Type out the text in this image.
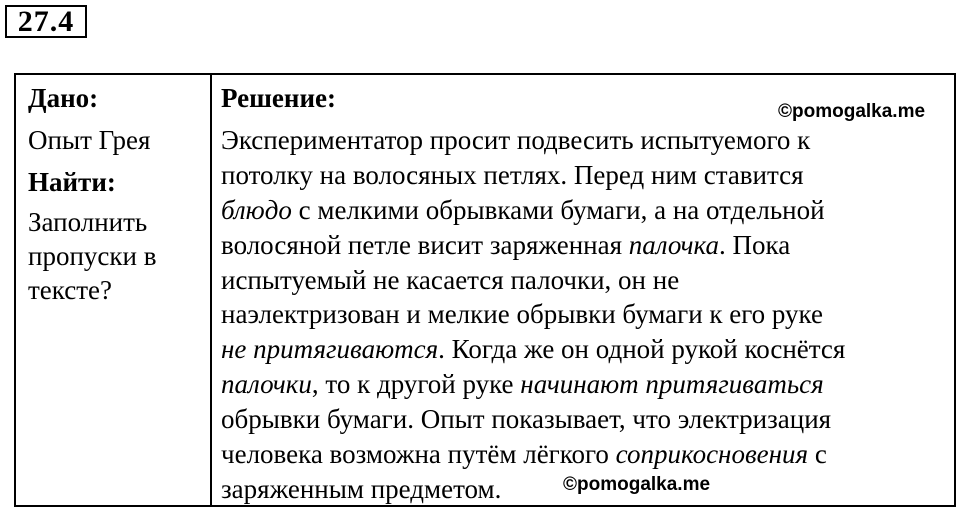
27.4
Дано:
Опыт Грея
Найти:
Заполнить
пропуски в
тексте?
Решение:
Экспериментатор просит подвесить испытуемого к
потолку на волосяных петлях. Перед ним ставится
блюдо с мелкими обрывками бумаги, а на отдельной
волосяной петле висит заряженная палочка. Пока
испытуемый не касается палочки, он не
наэлектризован и мелкие обрывки бумаги к его руке
не притягиваются. Когда же он одной рукой коснётся
палочки, то к другой руке начинают притягиваться
обрывки бумаги. Опыт показывает, что электризация
человека возможна путём лёгкого соприкосновения с
заряженным предметом.
©pomogalka.me
©pomogalka.me
